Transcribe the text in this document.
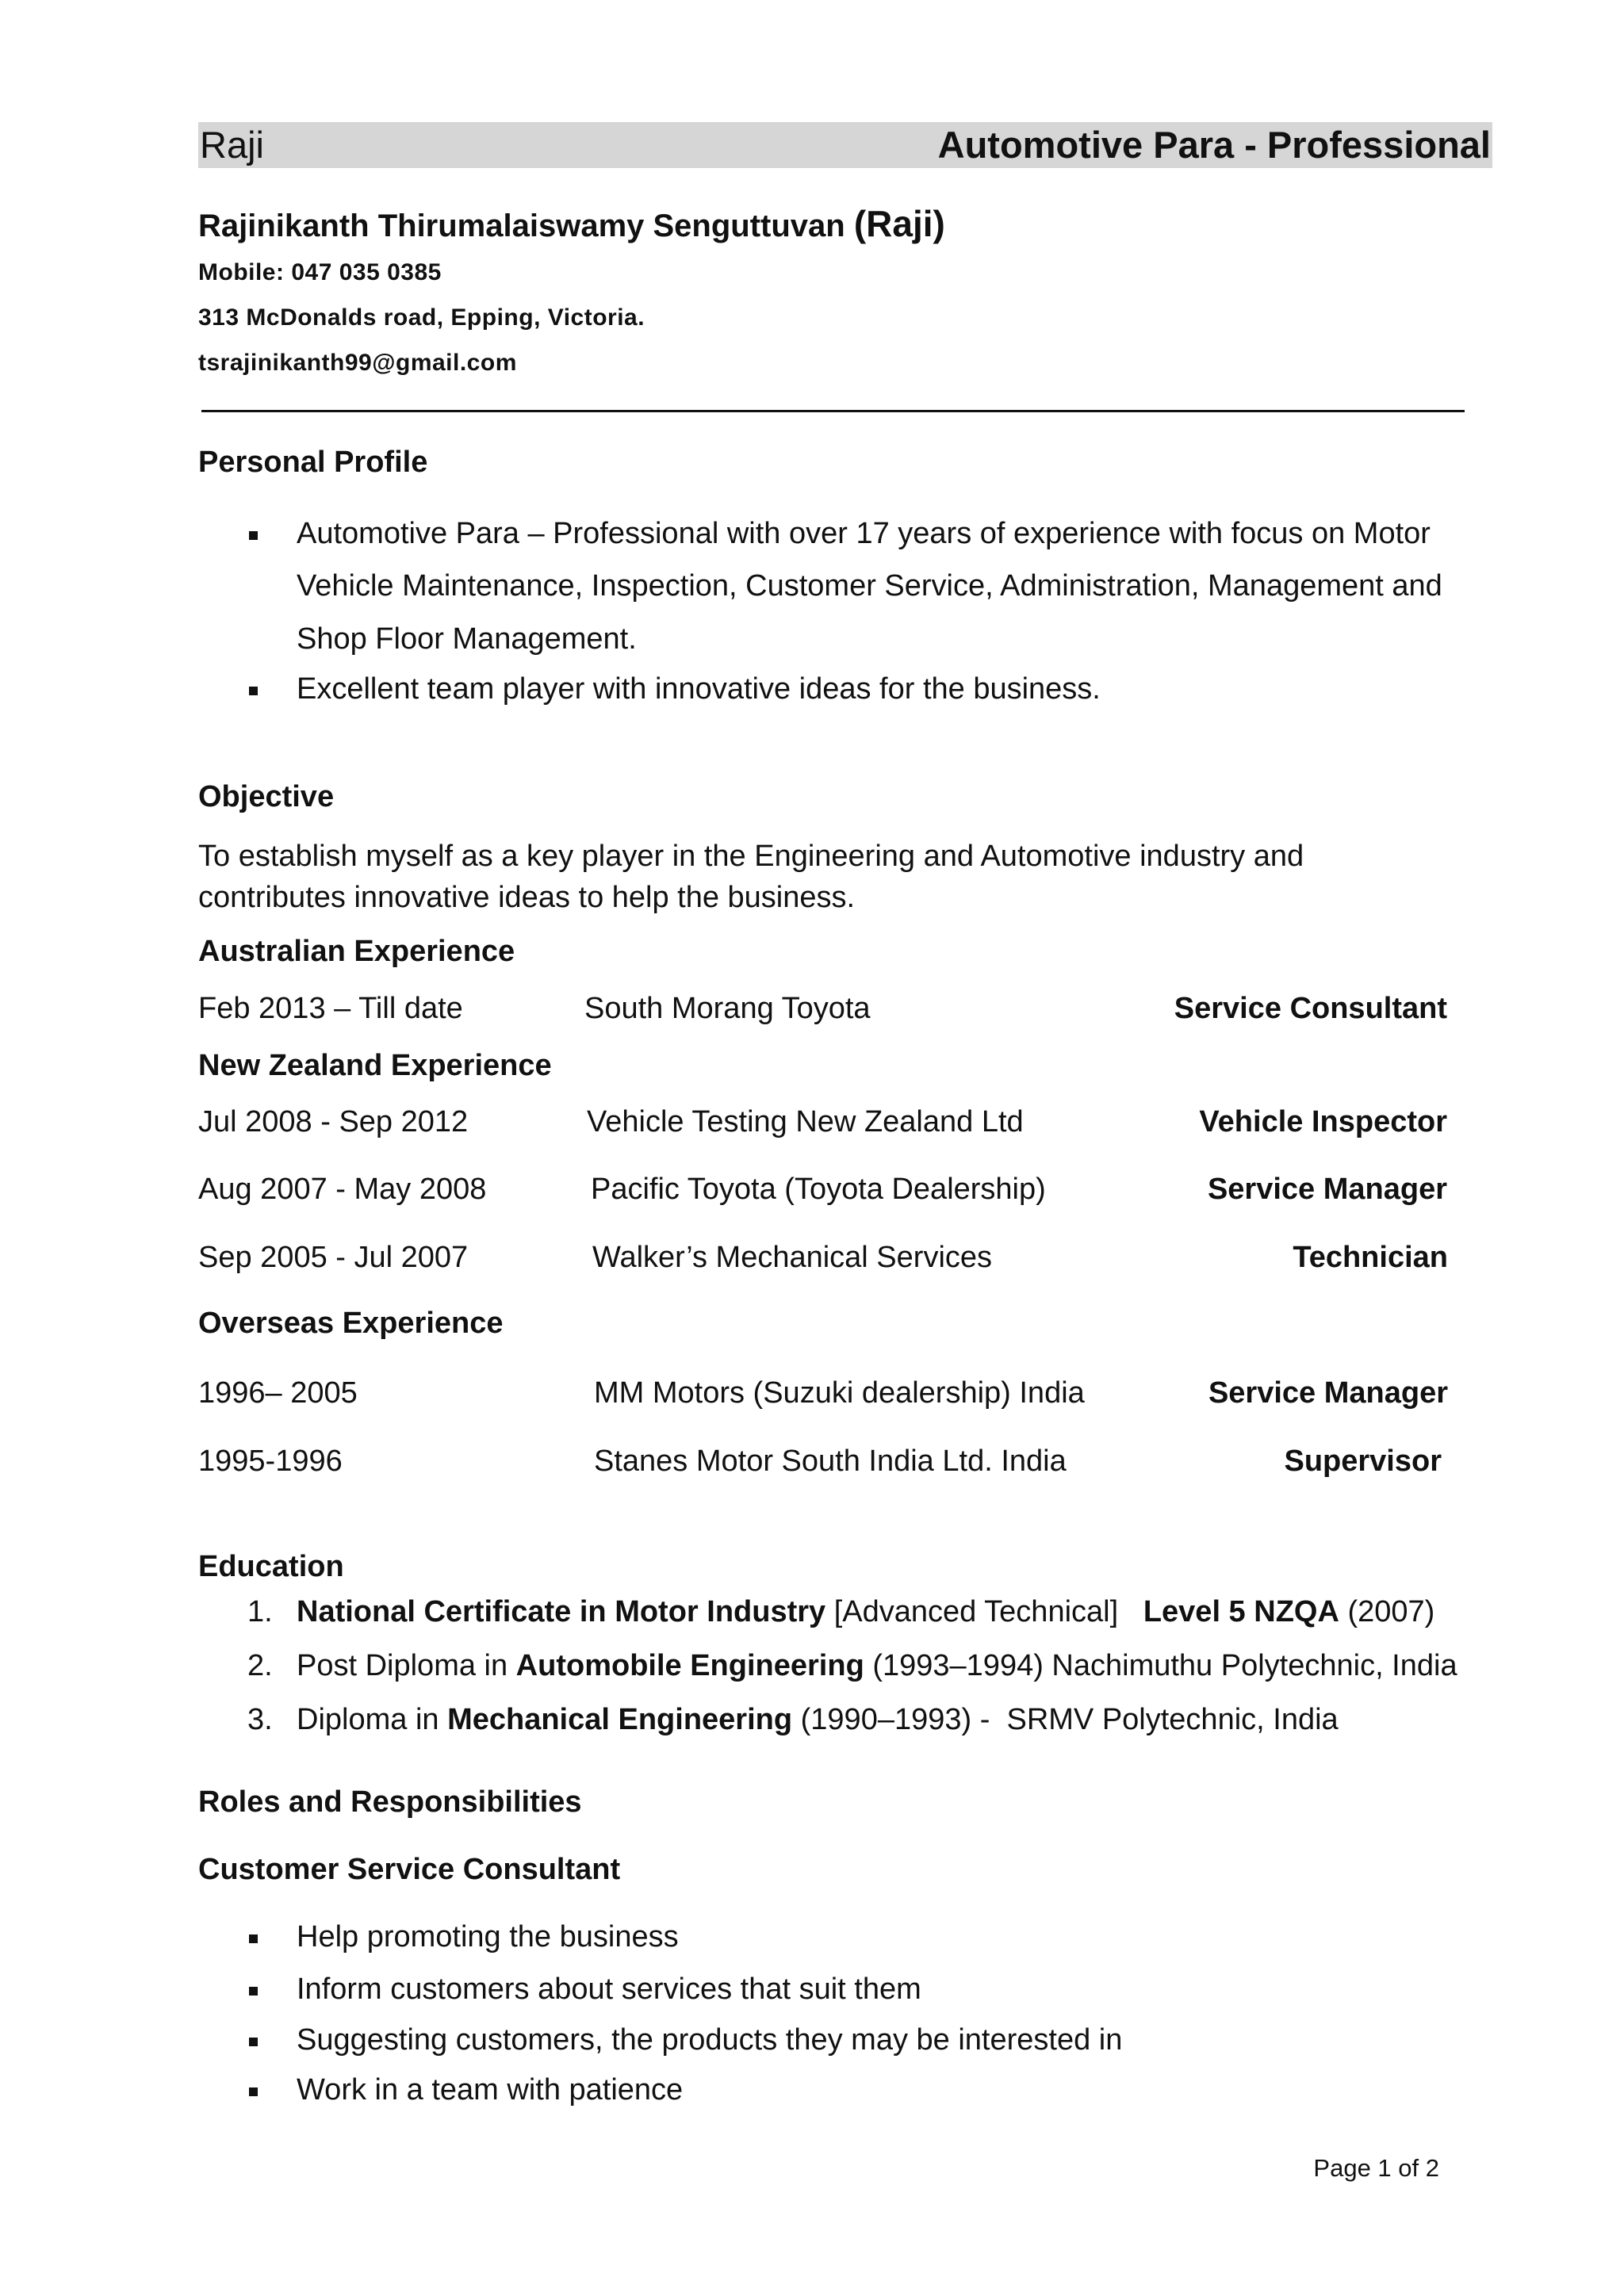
Raji	Automotive Para - Professional
Rajinikanth Thirumalaiswamy Senguttuvan (Raji)
Mobile: 047 035 0385
313 McDonalds road, Epping, Victoria.
tsrajinikanth99@gmail.com
Personal Profile
Automotive Para – Professional with over 17 years of experience with focus on Motor
Vehicle Maintenance, Inspection, Customer Service, Administration, Management and
Shop Floor Management.
Excellent team player with innovative ideas for the business.
Objective
To establish myself as a key player in the Engineering and Automotive industry and
contributes innovative ideas to help the business.
Australian Experience
Feb 2013 – Till date	South Morang Toyota	Service Consultant
New Zealand Experience
Jul 2008 - Sep 2012	Vehicle Testing New Zealand Ltd	Vehicle Inspector
Aug 2007 - May 2008	Pacific Toyota (Toyota Dealership)	Service Manager
Sep 2005 - Jul 2007	Walker’s Mechanical Services	Technician
Overseas Experience
1996– 2005	MM Motors (Suzuki dealership) India	Service Manager
1995-1996	Stanes Motor South India Ltd. India	Supervisor
Education
1. National Certificate in Motor Industry [Advanced Technical]   Level 5 NZQA (2007)
2. Post Diploma in Automobile Engineering (1993–1994) Nachimuthu Polytechnic, India
3. Diploma in Mechanical Engineering (1990–1993) -  SRMV Polytechnic, India
Roles and Responsibilities
Customer Service Consultant
Help promoting the business
Inform customers about services that suit them
Suggesting customers, the products they may be interested in
Work in a team with patience
Page 1 of 2
